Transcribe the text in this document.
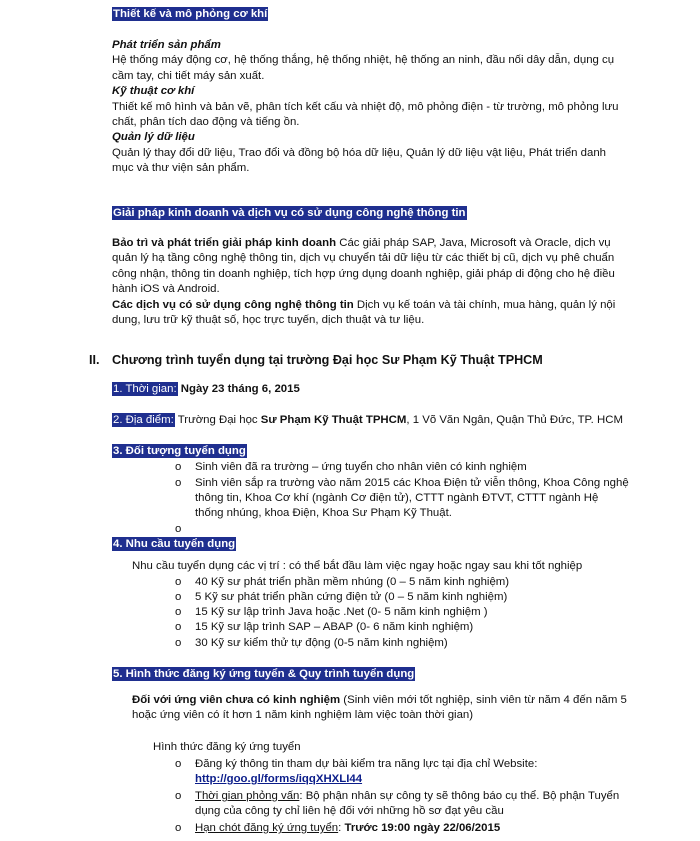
Thiết kế và mô phỏng cơ khí
Phát triển sản phẩm
Hệ thống máy động cơ, hệ thống thắng, hệ thống nhiệt, hệ thống an ninh, đầu nối dây dẫn, dụng cụ
cầm tay, chi tiết máy sản xuất.
Kỹ thuật cơ khí
Thiết kế mô hình và bản vẽ, phân tích kết cấu và nhiệt độ, mô phỏng điện - từ trường, mô phỏng lưu
chất, phân tích dao động và tiếng ồn.
Quản lý dữ liệu
Quản lý thay đổi dữ liệu, Trao đổi và đồng bộ hóa dữ liệu, Quản lý dữ liệu vật liệu, Phát triển danh
mục và thư viện sản phẩm.
Giải pháp kinh doanh và dịch vụ có sử dụng công nghệ thông tin
Bảo trì và phát triển giải pháp kinh doanh Các giải pháp SAP, Java, Microsoft và Oracle, dịch vụ
quản lý hạ tầng công nghệ thông tin, dịch vụ chuyển tải dữ liệu từ các thiết bị cũ, dịch vụ phê chuẩn
công nhận, thông tin doanh nghiệp, tích hợp ứng dụng doanh nghiệp, giải pháp di động cho hệ điều
hành iOS và Android.
Các dịch vụ có sử dụng công nghệ thông tin Dịch vụ kế toán và tài chính, mua hàng, quản lý nội
dung, lưu trữ kỹ thuật số, học trực tuyến, dịch thuật và tư liệu.
II. Chương trình tuyển dụng tại trường Đại học Sư Phạm Kỹ Thuật TPHCM
1. Thời gian: Ngày 23 tháng 6, 2015
2. Địa điểm: Trường Đại học Sư Phạm Kỹ Thuật TPHCM, 1 Võ Văn Ngân, Quận Thủ Đức, TP. HCM
3. Đối tượng tuyển dụng
o Sinh viên đã ra trường – ứng tuyển cho nhân viên có kinh nghiệm
o Sinh viên sắp ra trường vào năm 2015 các Khoa Điện tử viễn thông, Khoa Công nghệ
thông tin, Khoa Cơ khí (ngành Cơ điện tử), CTTT ngành ĐTVT, CTTT ngành Hệ
thống nhúng, khoa Điện, Khoa Sư Phạm Kỹ Thuật.
o
4. Nhu cầu tuyển dụng
Nhu cầu tuyển dụng các vị trí : có thể bắt đầu làm việc ngay hoặc ngay sau khi tốt nghiệp
o 40 Kỹ sư phát triển phần mềm nhúng (0 – 5 năm kinh nghiệm)
o 5 Kỹ sư phát triển phần cứng điện tử (0 – 5 năm kinh nghiệm)
o 15 Kỹ sư lập trình Java hoặc .Net (0- 5 năm kinh nghiệm )
o 15 Kỹ sư lập trình SAP – ABAP (0- 6 năm kinh nghiệm)
o 30 Kỹ sư kiểm thử tự động (0-5 năm kinh nghiệm)
5. Hình thức đăng ký ứng tuyển & Quy trình tuyển dụng
Đối với ứng viên chưa có kinh nghiệm (Sinh viên mới tốt nghiệp, sinh viên từ năm 4 đến năm 5
hoặc ứng viên có ít hơn 1 năm kinh nghiệm làm việc toàn thời gian)
Hình thức đăng ký ứng tuyển
o Đăng ký thông tin tham dự bài kiểm tra năng lực tại địa chỉ Website:
http://goo.gl/forms/iqqXHXLI44
o Thời gian phỏng vấn: Bộ phận nhân sự công ty sẽ thông báo cụ thể. Bộ phận Tuyển
dụng của công ty chỉ liên hệ đối với những hồ sơ đạt yêu cầu
o Hạn chót đăng ký ứng tuyển: Trước 19:00 ngày 22/06/2015
